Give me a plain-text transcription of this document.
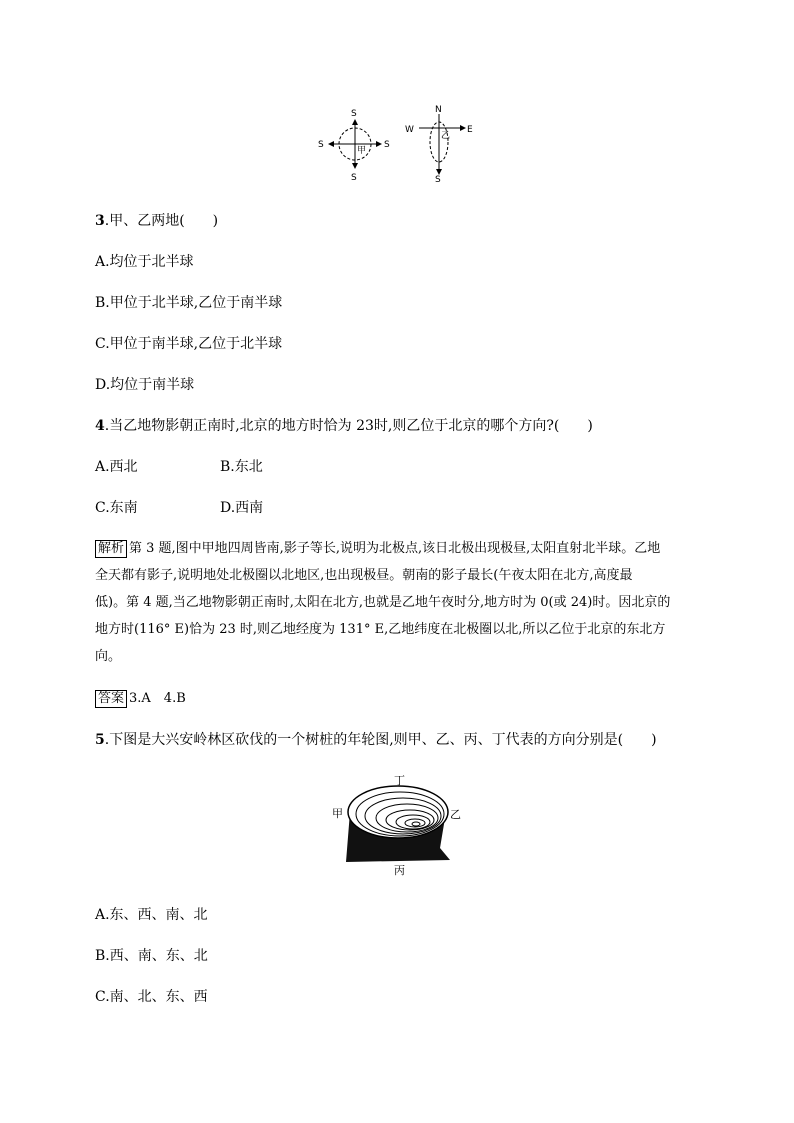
S
S
S	S
甲
N
S
W	E
乙
3.甲、乙两地(　　)
A.均位于北半球
B.甲位于北半球,乙位于南半球
C.甲位于南半球,乙位于北半球
D.均位于南半球
4.当乙地物影朝正南时,北京的地方时恰为 23时,则乙位于北京的哪个方向?(　　)
A.西北	B.东北
C.东南	D.西南
解析 第 3 题,图中甲地四周皆南,影子等长,说明为北极点,该日北极出现极昼,太阳直射北半球。乙地
全天都有影子,说明地处北极圈以北地区,也出现极昼。朝南的影子最长(午夜太阳在北方,高度最
低)。第 4 题,当乙地物影朝正南时,太阳在北方,也就是乙地午夜时分,地方时为 0(或 24)时。因北京的
地方时(116° E)恰为 23 时,则乙地经度为 131° E,乙地纬度在北极圈以北,所以乙位于北京的东北方
向。
答案 3.A　4.B
5.下图是大兴安岭林区砍伐的一个树桩的年轮图,则甲、乙、丙、丁代表的方向分别是(　　)
丁
甲	乙
丙
A.东、西、南、北
B.西、南、东、北
C.南、北、东、西
